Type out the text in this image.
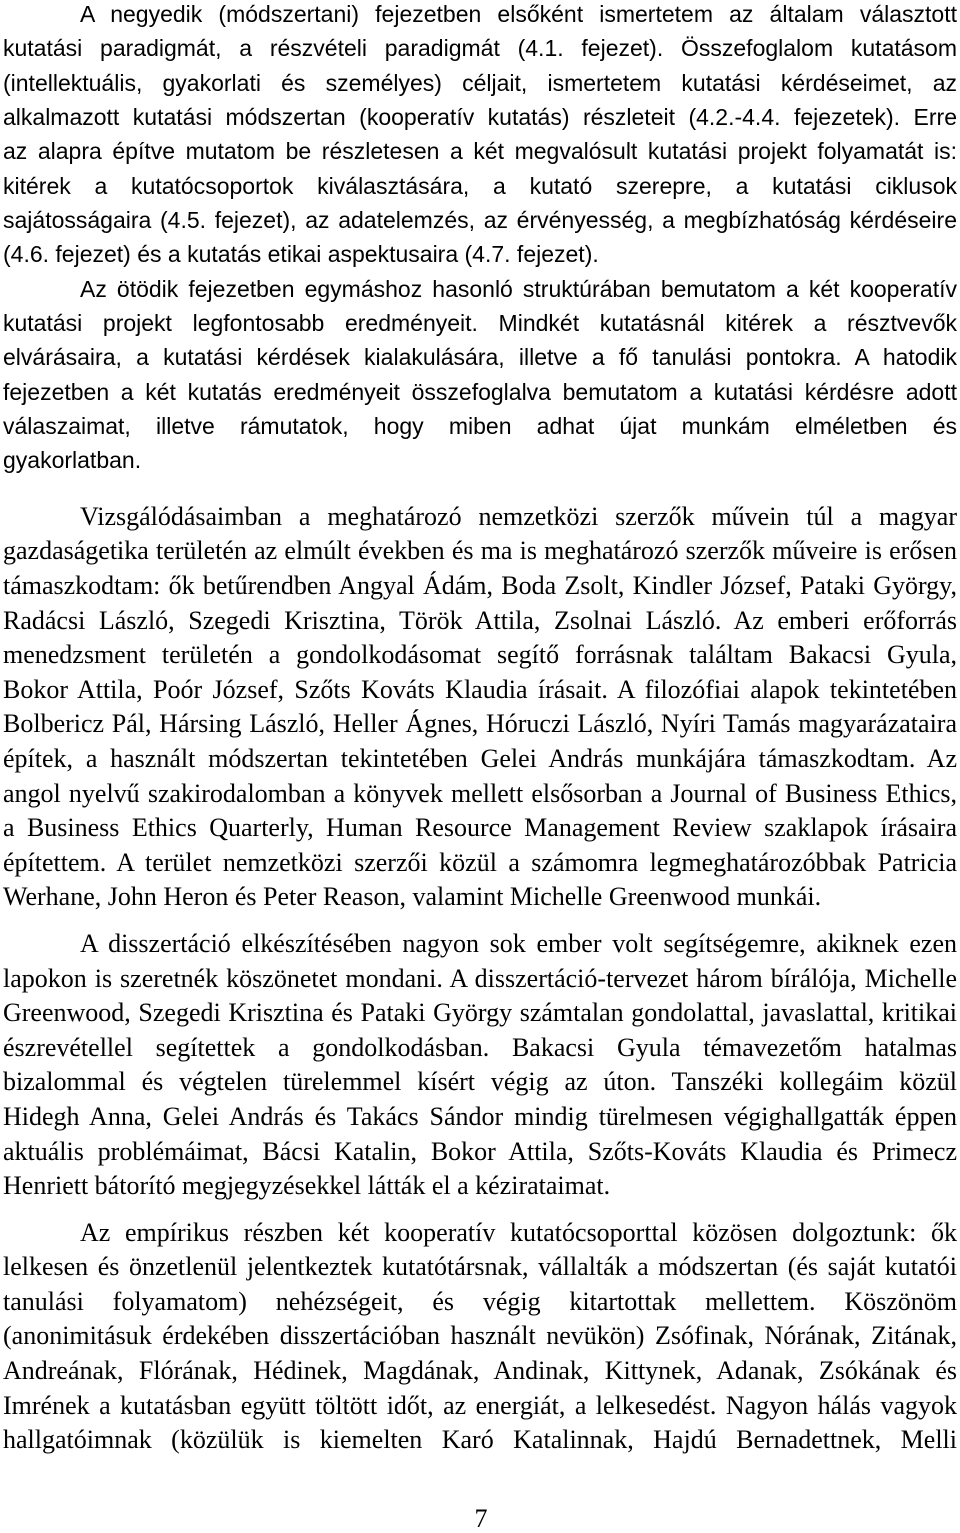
A negyedik (módszertani) fejezetben elsőként ismertetem az általam választott
kutatási paradigmát, a részvételi paradigmát (4.1. fejezet). Összefoglalom kutatásom
(intellektuális, gyakorlati és személyes) céljait, ismertetem kutatási kérdéseimet, az
alkalmazott kutatási módszertan (kooperatív kutatás) részleteit (4.2.-4.4. fejezetek). Erre
az alapra építve mutatom be részletesen a két megvalósult kutatási projekt folyamatát is:
kitérek a kutatócsoportok kiválasztására, a kutató szerepre, a kutatási ciklusok
sajátosságaira (4.5. fejezet), az adatelemzés, az érvényesség, a megbízhatóság kérdéseire
(4.6. fejezet) és a kutatás etikai aspektusaira (4.7. fejezet).
Az ötödik fejezetben egymáshoz hasonló struktúrában bemutatom a két kooperatív
kutatási projekt legfontosabb eredményeit. Mindkét kutatásnál kitérek a résztvevők
elvárásaira, a kutatási kérdések kialakulására, illetve a fő tanulási pontokra. A hatodik
fejezetben a két kutatás eredményeit összefoglalva bemutatom a kutatási kérdésre adott
válaszaimat, illetve rámutatok, hogy miben adhat újat munkám elméletben és
gyakorlatban.
Vizsgálódásaimban a meghatározó nemzetközi szerzők művein túl a magyar
gazdaságetika területén az elmúlt években és ma is meghatározó szerzők műveire is erősen
támaszkodtam: ők betűrendben Angyal Ádám, Boda Zsolt, Kindler József, Pataki György,
Radácsi László, Szegedi Krisztina, Török Attila, Zsolnai László. Az emberi erőforrás
menedzsment területén a gondolkodásomat segítő forrásnak találtam Bakacsi Gyula,
Bokor Attila, Poór József, Szőts Kováts Klaudia írásait. A filozófiai alapok tekintetében
Bolbericz Pál, Hársing László, Heller Ágnes, Hóruczi László, Nyíri Tamás magyarázataira
építek, a használt módszertan tekintetében Gelei András munkájára támaszkodtam. Az
angol nyelvű szakirodalomban a könyvek mellett elsősorban a Journal of Business Ethics,
a Business Ethics Quarterly, Human Resource Management Review szaklapok írásaira
építettem. A terület nemzetközi szerzői közül a számomra legmeghatározóbbak Patricia
Werhane, John Heron és Peter Reason, valamint Michelle Greenwood munkái.
A disszertáció elkészítésében nagyon sok ember volt segítségemre, akiknek ezen
lapokon is szeretnék köszönetet mondani. A disszertáció-tervezet három bírálója, Michelle
Greenwood, Szegedi Krisztina és Pataki György számtalan gondolattal, javaslattal, kritikai
észrevétellel segítettek a gondolkodásban. Bakacsi Gyula témavezetőm hatalmas
bizalommal és végtelen türelemmel kísért végig az úton. Tanszéki kollegáim közül
Hidegh Anna, Gelei András és Takács Sándor mindig türelmesen végighallgatták éppen
aktuális problémáimat, Bácsi Katalin, Bokor Attila, Szőts-Kováts Klaudia és Primecz
Henriett bátorító megjegyzésekkel látták el a kézirataimat.
Az empírikus részben két kooperatív kutatócsoporttal közösen dolgoztunk: ők
lelkesen és önzetlenül jelentkeztek kutatótársnak, vállalták a módszertan (és saját kutatói
tanulási folyamatom) nehézségeit, és végig kitartottak mellettem. Köszönöm
(anonimitásuk érdekében disszertációban használt nevükön) Zsófinak, Nórának, Zitának,
Andreának, Flórának, Hédinek, Magdának, Andinak, Kittynek, Adanak, Zsókának és
Imrének a kutatásban együtt töltött időt, az energiát, a lelkesedést. Nagyon hálás vagyok
hallgatóimnak (közülük is kiemelten Karó Katalinnak, Hajdú Bernadettnek, Melli
7
